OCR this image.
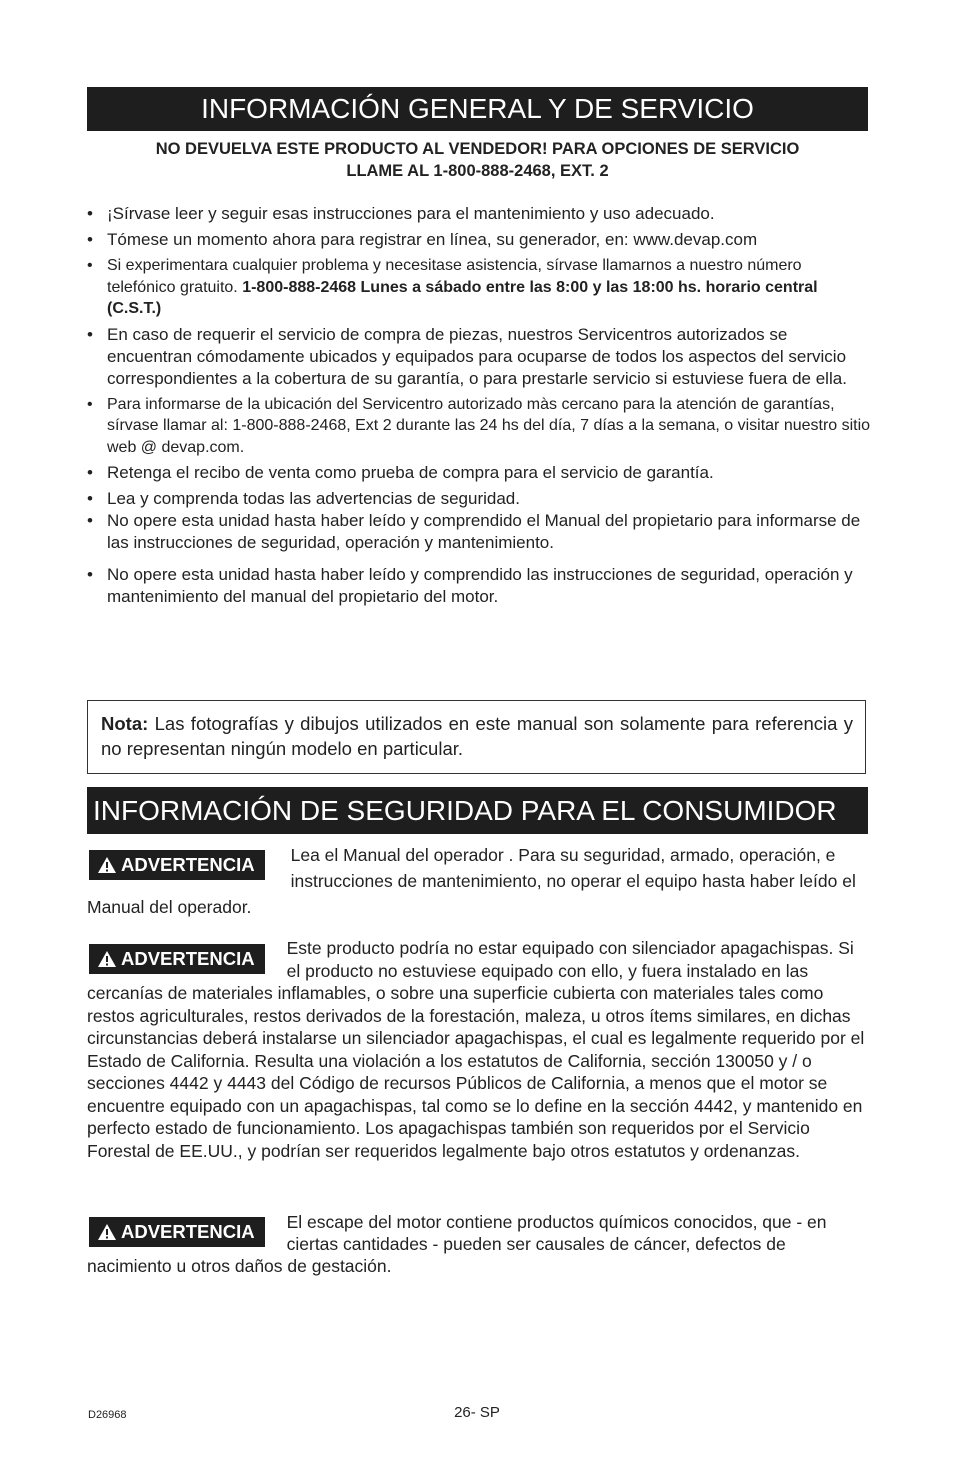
INFORMACIÓN GENERAL Y DE SERVICIO
NO DEVUELVA ESTE PRODUCTO AL VENDEDOR! PARA OPCIONES DE SERVICIO
LLAME AL 1-800-888-2468, EXT. 2
• ¡Sírvase leer y seguir esas instrucciones para el mantenimiento y uso adecuado.
• Tómese un momento ahora para registrar en línea, su generador, en: www.devap.com
• Si experimentara cualquier problema y necesitase asistencia, sírvase llamarnos a nuestro número telefónico gratuito. 1-800-888-2468 Lunes a sábado entre las 8:00 y las 18:00 hs. horario central (C.S.T.)
• En caso de requerir el servicio de compra de piezas, nuestros Servicentros autorizados se encuentran cómodamente ubicados y equipados para ocuparse de todos los aspectos del servicio correspondientes a la cobertura de su garantía, o para prestarle servicio si estuviese fuera de ella.
• Para informarse de la ubicación del Servicentro autorizado màs cercano para la atención de garantías, sírvase llamar al: 1-800-888-2468, Ext 2 durante las 24 hs del día, 7 días a la semana, o visitar nuestro sitio web @ devap.com.
• Retenga el recibo de venta como prueba de compra para el servicio de garantía.
• Lea y comprenda todas las advertencias de seguridad.
• No opere esta unidad hasta haber leído y comprendido el Manual del propietario para informarse de las instrucciones de seguridad, operación y mantenimiento.
• No opere esta unidad hasta haber leído y comprendido las instrucciones de seguridad, operación y mantenimiento del manual del propietario del motor.
Nota: Las fotografías y dibujos utilizados en este manual son solamente para referencia y no representan ningún modelo en particular.
INFORMACIÓN DE SEGURIDAD PARA EL CONSUMIDOR
ADVERTENCIA Lea el Manual del operador . Para su seguridad, armado, operación, e instrucciones de mantenimiento, no operar el equipo hasta haber leído el Manual del operador.
ADVERTENCIA Este producto podría no estar equipado con silenciador apagachispas. Si el producto no estuviese equipado con ello, y fuera instalado en las cercanías de materiales inflamables, o sobre una superficie cubierta con materiales tales como restos agriculturales, restos derivados de la forestación, maleza, u otros ítems similares, en dichas circunstancias deberá instalarse un silenciador apagachispas, el cual es legalmente requerido por el Estado de California. Resulta una violación a los estatutos de California, sección 130050 y / o secciones 4442 y 4443 del Código de recursos Públicos de California, a menos que el motor se encuentre equipado con un apagachispas, tal como se lo define en la sección 4442, y mantenido en perfecto estado de funcionamiento. Los apagachispas también son requeridos por el Servicio Forestal de EE.UU., y podrían ser requeridos legalmente bajo otros estatutos y ordenanzas.
ADVERTENCIA El escape del motor contiene productos químicos conocidos, que - en ciertas cantidades - pueden ser causales de cáncer, defectos de nacimiento u otros daños de gestación.
D26968	26- SP
